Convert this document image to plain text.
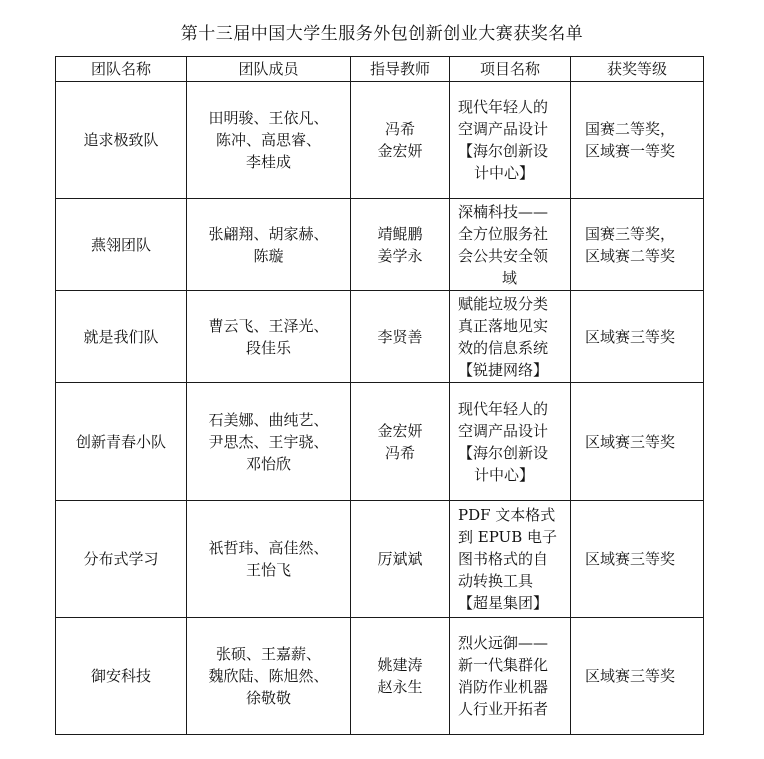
第十三届中国大学生服务外包创新创业大赛获奖名单
团队名称	团队成员	指导教师	项目名称	获奖等级
追求极致队	田明骏、王依凡、
陈冲、高思睿、
李桂成	冯希
金宏妍	现代年轻人的
空调产品设计
【海尔创新设
计中心】	国赛二等奖，
区域赛一等奖

燕翎团队	张翩翔、胡家赫、
陈璇	靖鲲鹏
姜学永	深楠科技——
全方位服务社
会公共安全领
域	国赛三等奖，
区域赛二等奖

就是我们队	曹云飞、王泽光、
段佳乐	李贤善	赋能垃圾分类
真正落地见实
效的信息系统
【锐捷网络】	区域赛三等奖

创新青春小队	石美娜、曲纯艺、
尹思杰、王宇骁、
邓怡欣	金宏妍
冯希	现代年轻人的
空调产品设计
【海尔创新设
计中心】	区域赛三等奖

分布式学习	祇哲玮、高佳然、
王怡飞	厉斌斌	PDF 文本格式
到 EPUB 电子
图书格式的自
动转换工具
【超星集团】	区域赛三等奖

御安科技	张硕、王嘉薪、
魏欣陆、陈旭然、
徐敬敬	姚建涛
赵永生	烈火远御——
新一代集群化
消防作业机器
人行业开拓者	区域赛三等奖
